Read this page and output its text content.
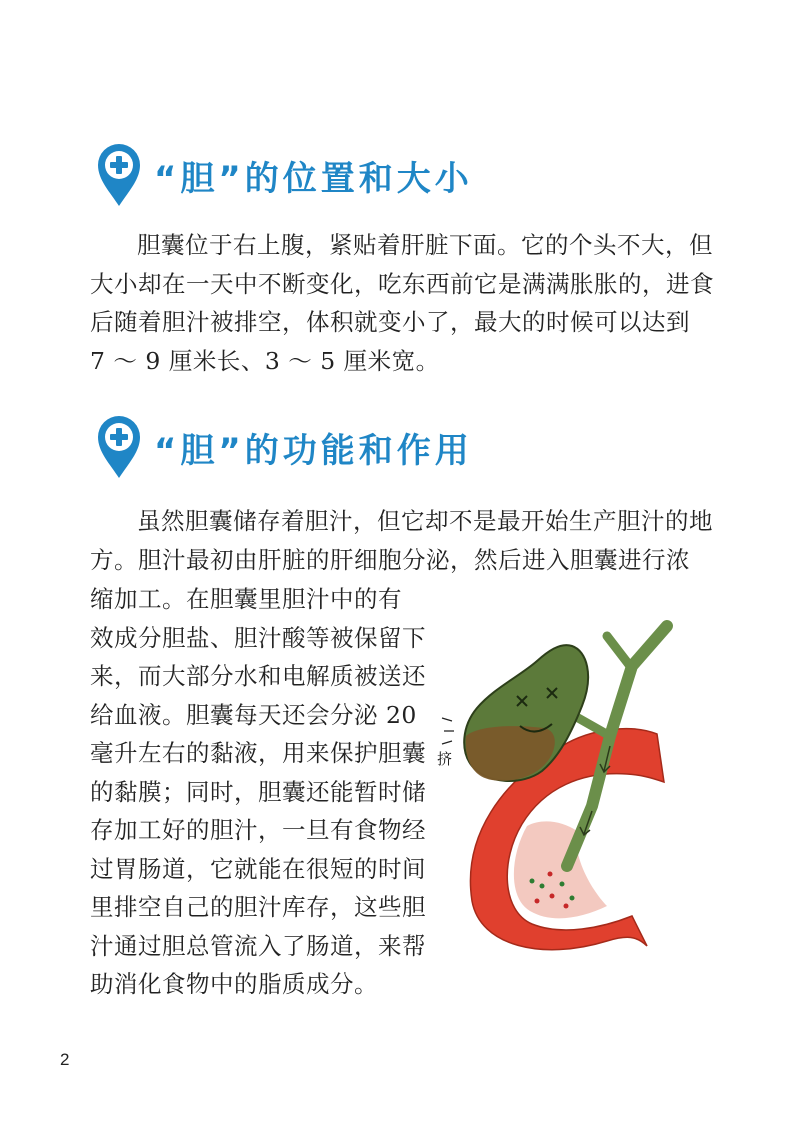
“胆”的位置和大小
胆囊位于右上腹，紧贴着肝脏下面。它的个头不大，但
大小却在一天中不断变化，吃东西前它是满满胀胀的，进食
后随着胆汁被排空，体积就变小了，最大的时候可以达到
7 ～ 9 厘米长、3 ～ 5 厘米宽。
“胆”的功能和作用
虽然胆囊储存着胆汁，但它却不是最开始生产胆汁的地
方。胆汁最初由肝脏的肝细胞分泌，然后进入胆囊进行浓
缩加工。在胆囊里胆汁中的有
效成分胆盐、胆汁酸等被保留下
来，而大部分水和电解质被送还
给血液。胆囊每天还会分泌 20
毫升左右的黏液，用来保护胆囊
的黏膜；同时，胆囊还能暂时储
存加工好的胆汁，一旦有食物经
过胃肠道，它就能在很短的时间
里排空自己的胆汁库存，这些胆
汁通过胆总管流入了肠道，来帮
助消化食物中的脂质成分。
挤
2
